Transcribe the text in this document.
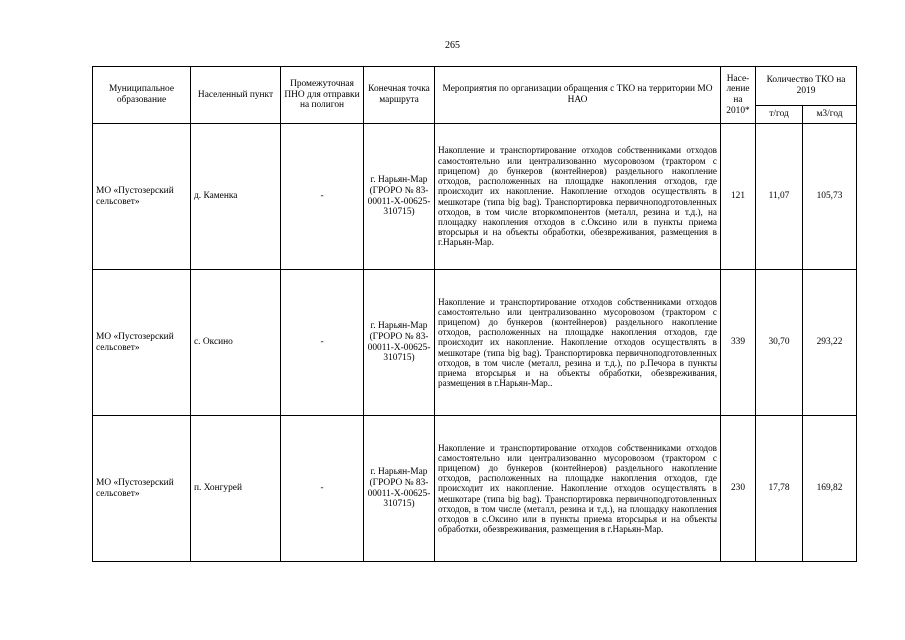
265
Муниципальное образование	Населенный пункт	Промежуточная ПНО для отправки на полигон	Конечная точка маршрута	Мероприятия по организации обращения с ТКО на территории МО НАО	Насе-ление на 2010*	Количество ТКО на 2019	
						т/год	м3/год
МО «Пустозерский сельсовет»	д. Каменка	-	г. Нарьян-Мар (ГРОРО № 83-00011-Х-00625-310715)	Накопление и транспортирование отходов собственниками отходов самостоятельно или централизованно мусоровозом (трактором с прицепом) до бункеров (контейнеров) раздельного накопление отходов, расположенных на площадке накопления отходов, где происходит их накопление. Накопление отходов осуществлять в мешкотаре (типа big bag). Транспортировка первичноподготовленных отходов, в том числе вторкомпонентов (металл, резина и т.д.), на площадку накопления отходов в с.Оксино или в пункты приема вторсырья и на объекты обработки, обезвреживания, размещения в г.Нарьян-Мар.	121	11,07	105,73
МО «Пустозерский сельсовет»	с. Оксино	-	г. Нарьян-Мар (ГРОРО № 83-00011-Х-00625-310715)	Накопление и транспортирование отходов собственниками отходов самостоятельно или централизованно мусоровозом (трактором с прицепом) до бункеров (контейнеров) раздельного накопление отходов, расположенных на площадке накопления отходов, где происходит их накопление. Накопление отходов осуществлять в мешкотаре (типа big bag). Транспортировка первичноподготовленных отходов, в том числе (металл, резина и т.д.), по р.Печора в пункты приема вторсырья и на объекты обработки, обезвреживания, размещения в г.Нарьян-Мар..	339	30,70	293,22
МО «Пустозерский сельсовет»	п. Хонгурей	-	г. Нарьян-Мар (ГРОРО № 83-00011-Х-00625-310715)	Накопление и транспортирование отходов собственниками отходов самостоятельно или централизованно мусоровозом (трактором с прицепом) до бункеров (контейнеров) раздельного накопление отходов, расположенных на площадке накопления отходов, где происходит их накопление. Накопление отходов осуществлять в мешкотаре (типа big bag). Транспортировка первичноподготовленных отходов, в том числе (металл, резина и т.д.), на площадку накопления отходов в с.Оксино или в пункты приема вторсырья и на объекты обработки, обезвреживания, размещения в г.Нарьян-Мар.	230	17,78	169,82
